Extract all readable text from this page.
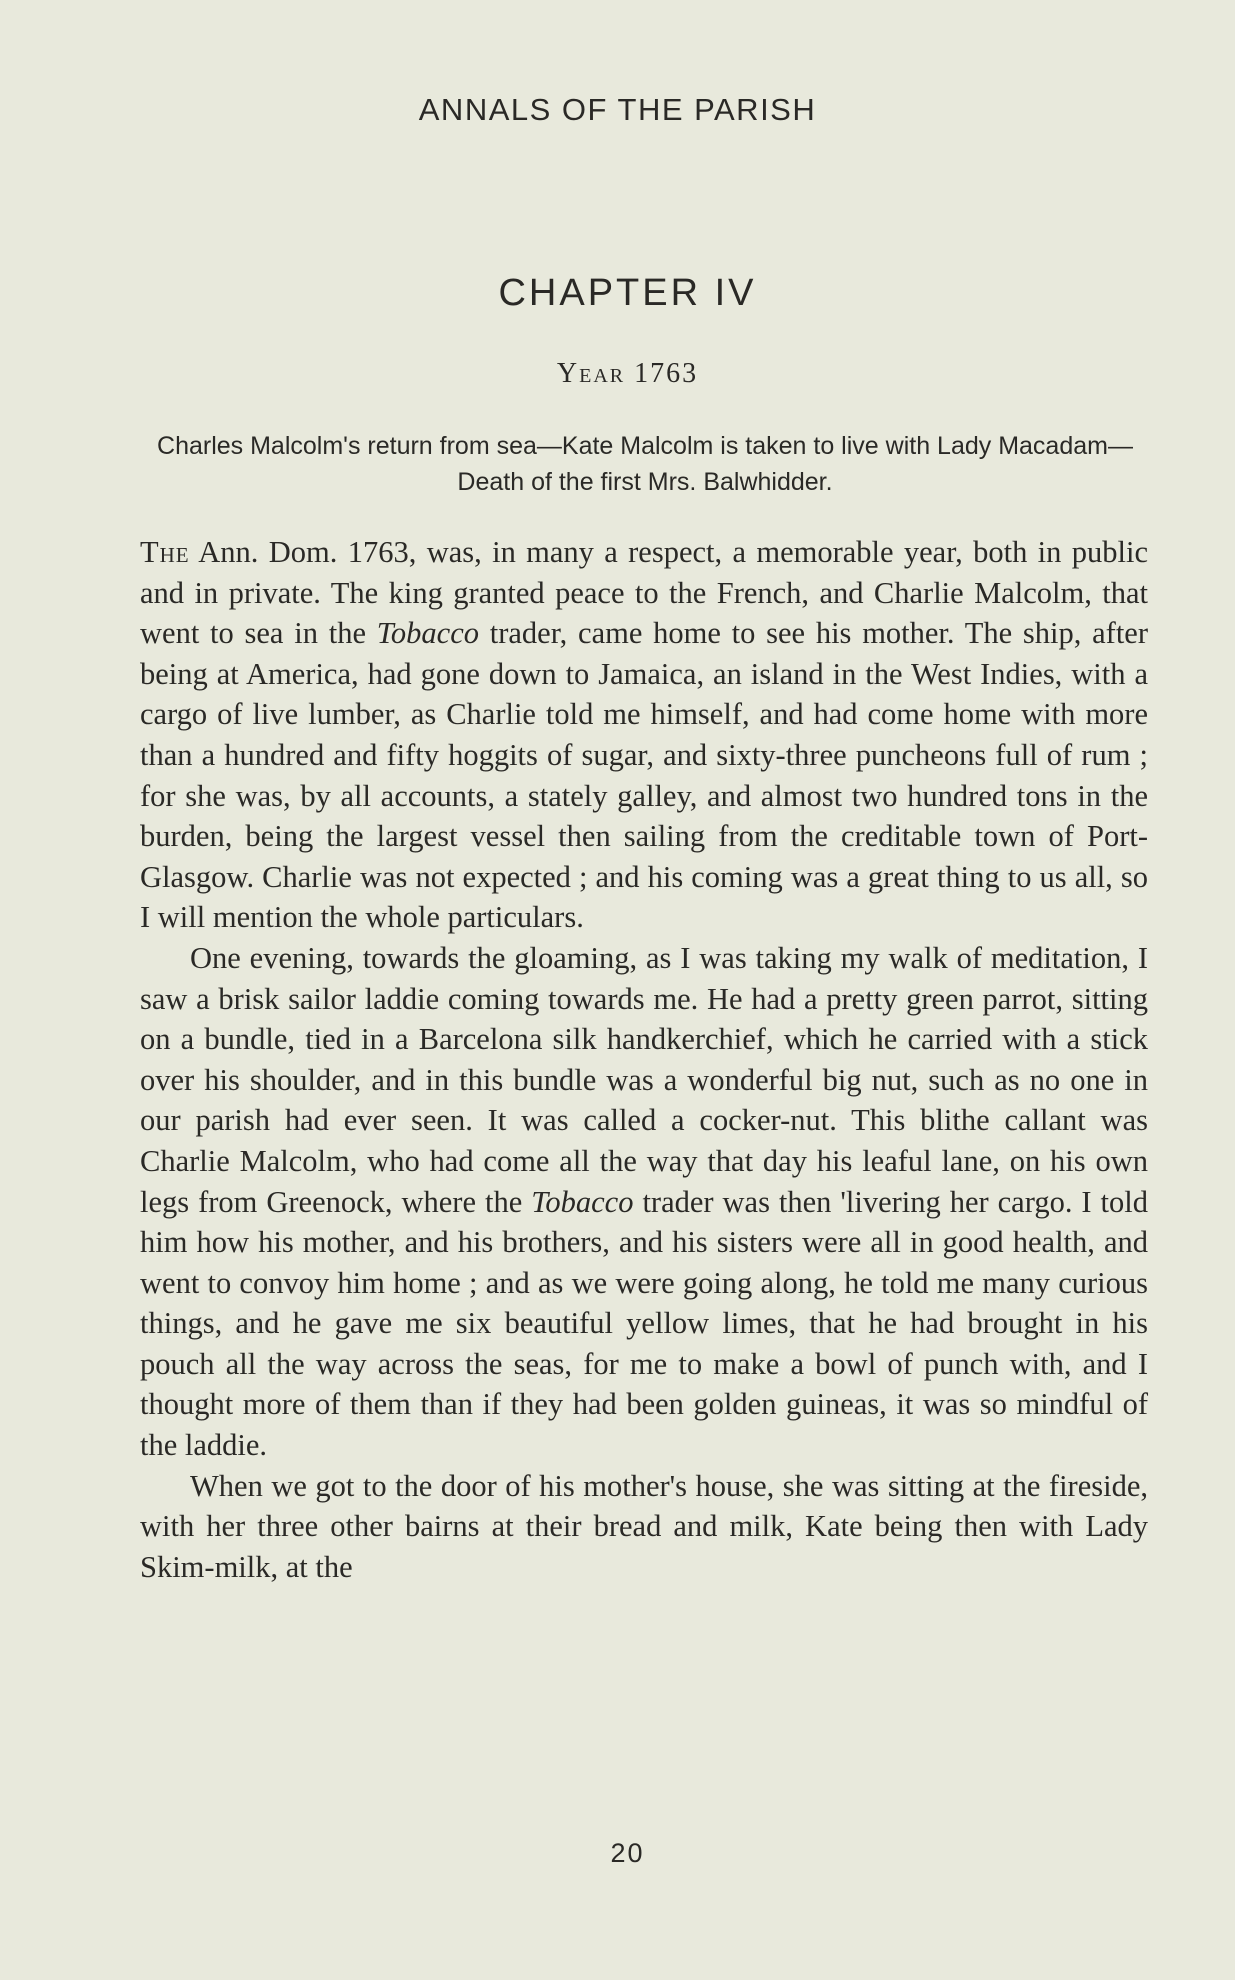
ANNALS OF THE PARISH
CHAPTER IV
Year 1763
Charles Malcolm's return from sea—Kate Malcolm is taken to live with Lady Macadam—Death of the first Mrs. Balwhidder.

The Ann. Dom. 1763, was, in many a respect, a memorable year, both in public and in private. The king granted peace to the French, and Charlie Malcolm, that went to sea in the Tobacco trader, came home to see his mother. The ship, after being at America, had gone down to Jamaica, an island in the West Indies, with a cargo of live lumber, as Charlie told me himself, and had come home with more than a hundred and fifty hoggits of sugar, and sixty-three puncheons full of rum ; for she was, by all accounts, a stately galley, and almost two hundred tons in the burden, being the largest vessel then sailing from the creditable town of Port-Glasgow. Charlie was not expected ; and his coming was a great thing to us all, so I will mention the whole particulars.

One evening, towards the gloaming, as I was taking my walk of meditation, I saw a brisk sailor laddie coming towards me. He had a pretty green parrot, sitting on a bundle, tied in a Barcelona silk handkerchief, which he carried with a stick over his shoulder, and in this bundle was a wonderful big nut, such as no one in our parish had ever seen. It was called a cocker-nut. This blithe callant was Charlie Malcolm, who had come all the way that day his leaful lane, on his own legs from Greenock, where the Tobacco trader was then 'livering her cargo. I told him how his mother, and his brothers, and his sisters were all in good health, and went to convoy him home ; and as we were going along, he told me many curious things, and he gave me six beautiful yellow limes, that he had brought in his pouch all the way across the seas, for me to make a bowl of punch with, and I thought more of them than if they had been golden guineas, it was so mindful of the laddie.

When we got to the door of his mother's house, she was sitting at the fireside, with her three other bairns at their bread and milk, Kate being then with Lady Skim-milk, at the

20
